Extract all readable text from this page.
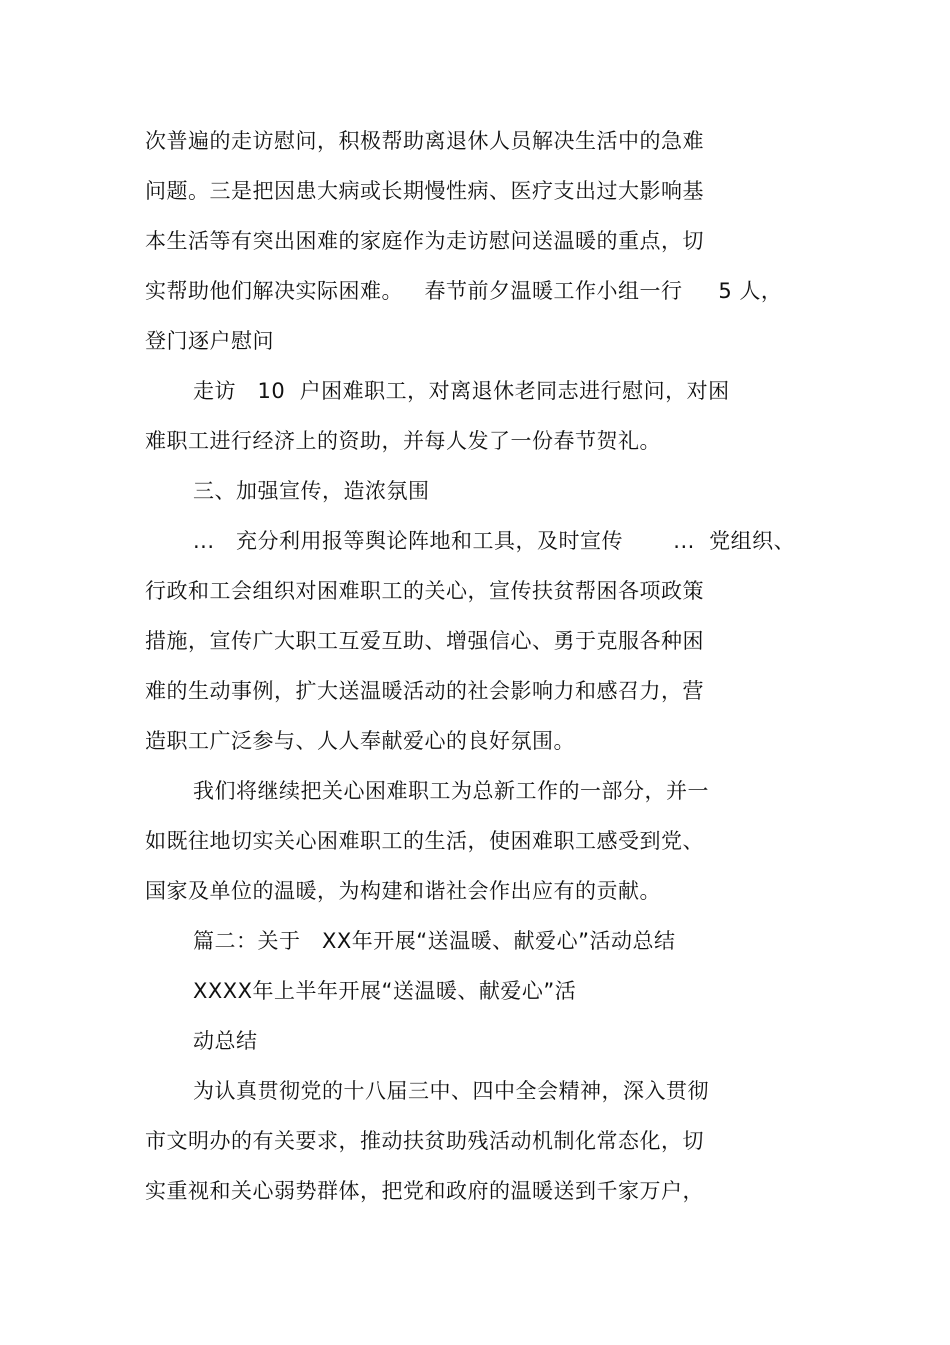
次普遍的走访慰问，积极帮助离退休人员解决生活中的急难
问题。三是把因患大病或长期慢性病、医疗支出过大影响基
本生活等有突出困难的家庭作为走访慰问送温暖的重点，切
实帮助他们解决实际困难。   春节前夕温暖工作小组一行     5 人，
登门逐户慰问
走访   10  户困难职工，对离退休老同志进行慰问，对困
难职工进行经济上的资助，并每人发了一份春节贺礼。
三、加强宣传，造浓氛围
...   充分利用报等舆论阵地和工具，及时宣传       ...  党组织、
行政和工会组织对困难职工的关心，宣传扶贫帮困各项政策
措施，宣传广大职工互爱互助、增强信心、勇于克服各种困
难的生动事例，扩大送温暖活动的社会影响力和感召力，营
造职工广泛参与、人人奉献爱心的良好氛围。
我们将继续把关心困难职工为总新工作的一部分，并一
如既往地切实关心困难职工的生活，使困难职工感受到党、
国家及单位的温暖，为构建和谐社会作出应有的贡献。
篇二：关于   XX年开展“送温暖、献爱心”活动总结
XXXX年上半年开展“送温暖、献爱心”活
动总结
为认真贯彻党的十八届三中、四中全会精神，深入贯彻
市文明办的有关要求，推动扶贫助残活动机制化常态化，切
实重视和关心弱势群体，把党和政府的温暖送到千家万户，
